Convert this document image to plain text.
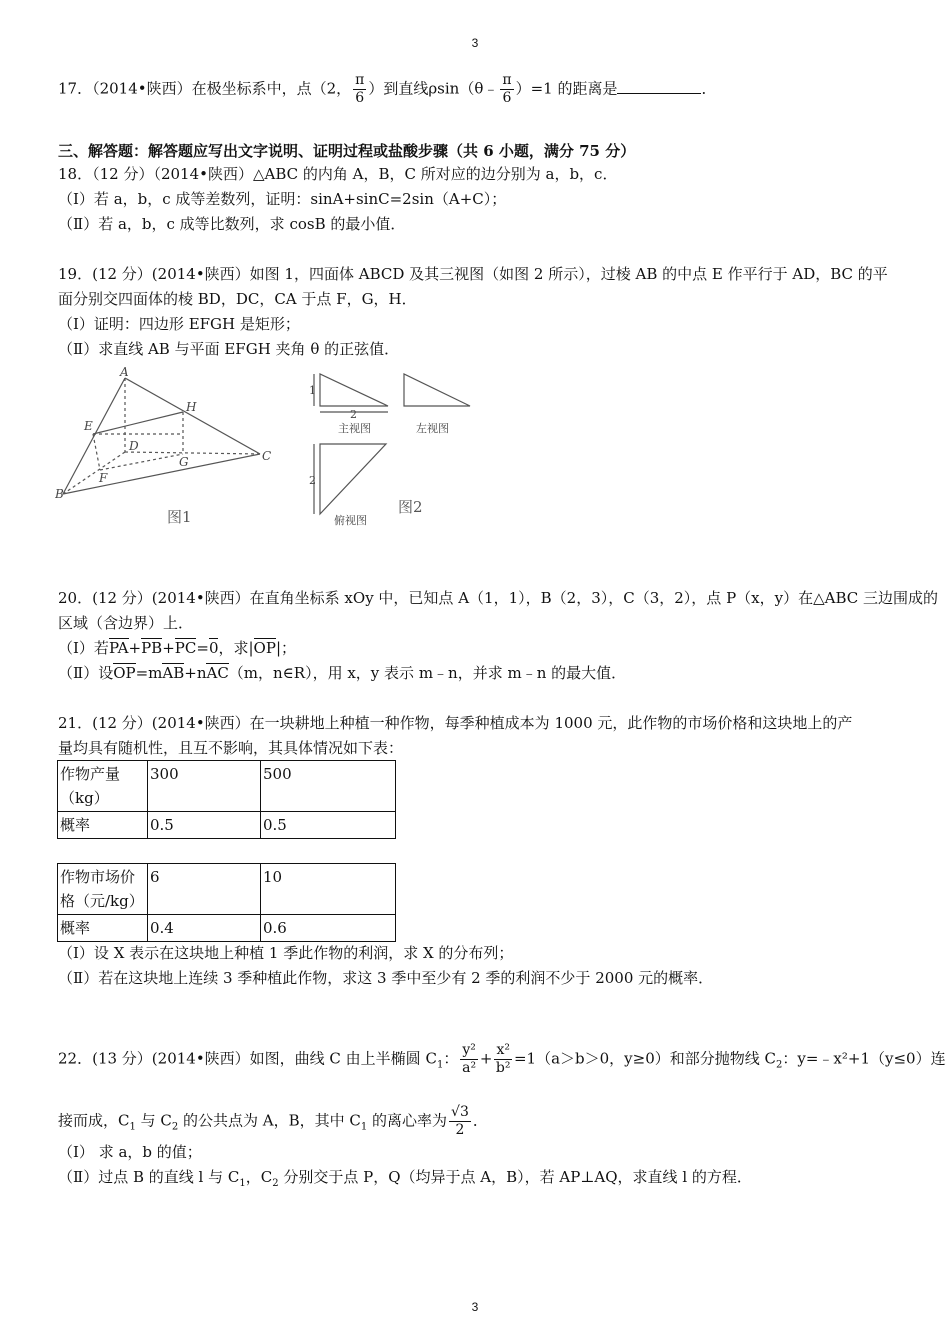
3
17．（2014•陕西）在极坐标系中，点（2， $\frac{\pi}{6}$ ）到直线ρsin（θ﹣ $\frac{\pi}{6} )=1$ 的距离是	．
三、解答题：解答题应写出文字说明、证明过程或盐酸步骤（共 6 小题，满分 75 分）
18．（12 分）（2014•陕西）△ABC 的内角 A，B，C 所对应的边分别为 a，b，c．
（Ⅰ）若 a，b，c 成等差数列，证明：sinA+sinC=2sin（A+C）；
（Ⅱ）若 a，b，c 成等比数列，求 cosB 的最小值．
19．(12 分）(2014•陕西）如图 1，四面体 ABCD 及其三视图（如图 2 所示），过棱 AB 的中点 E 作平行于 AD，BC 的平
面分别交四面体的棱 BD，DC，CA 于点 F，G，H．
（Ⅰ）证明：四边形 EFGH 是矩形；
（Ⅱ）求直线 AB 与平面 EFGH 夹角 θ 的正弦值．
A
B
C
D
E
F
G
H
图1
1
2
2
主视图	左视图
俯视图
图2
20．(12 分）(2014•陕西）在直角坐标系 xOy 中，已知点 A（1，1），B（2，3），C（3，2），点 P（x，y）在△ABC 三边围成的
区域（含边界）上．
（Ⅰ）若PA+PB+PC=0，求|OP|；
（Ⅱ）设OP=mAB+nAC（m，n∈R），用 x，y 表示 m﹣n，并求 m﹣n 的最大值．
21．(12 分）(2014•陕西）在一块耕地上种植一种作物，每季种植成本为 1000 元，此作物的市场价格和这块地上的产
量均具有随机性，且互不影响，其具体情况如下表：
作物产量（kg）	300	500
概率	0.5	0.5
作物市场价格（元/kg）	6	10
概率	0.4	0.6
（Ⅰ）设 X 表示在这块地上种植 1 季此作物的利润，求 X 的分布列；
（Ⅱ）若在这块地上连续 3 季种植此作物，求这 3 季中至少有 2 季的利润不少于 2000 元的概率．
22．(13 分）(2014•陕西）如图，曲线 C 由上半椭圆 $C_1$： $\frac{\text{y²}}{\text{a²}} + \frac{\text{x²}}{\text{b²}} =1(a>b>0$，y≥0）和部分抛物线 $C_2$：y=﹣x²+1（y≤0）连
接而成，$C_1$ 与 $C_2$ 的公共点为 A，B，其中 $C_1$ 的离心率为 $\frac{√3}{2}$ ．
（Ⅰ） 求 a，b 的值；
（Ⅱ）过点 B 的直线 l 与 $C_1$，$C_2$ 分别交于点 P，Q（均异于点 A，B），若 AP⊥AQ，求直线 l 的方程．
3
